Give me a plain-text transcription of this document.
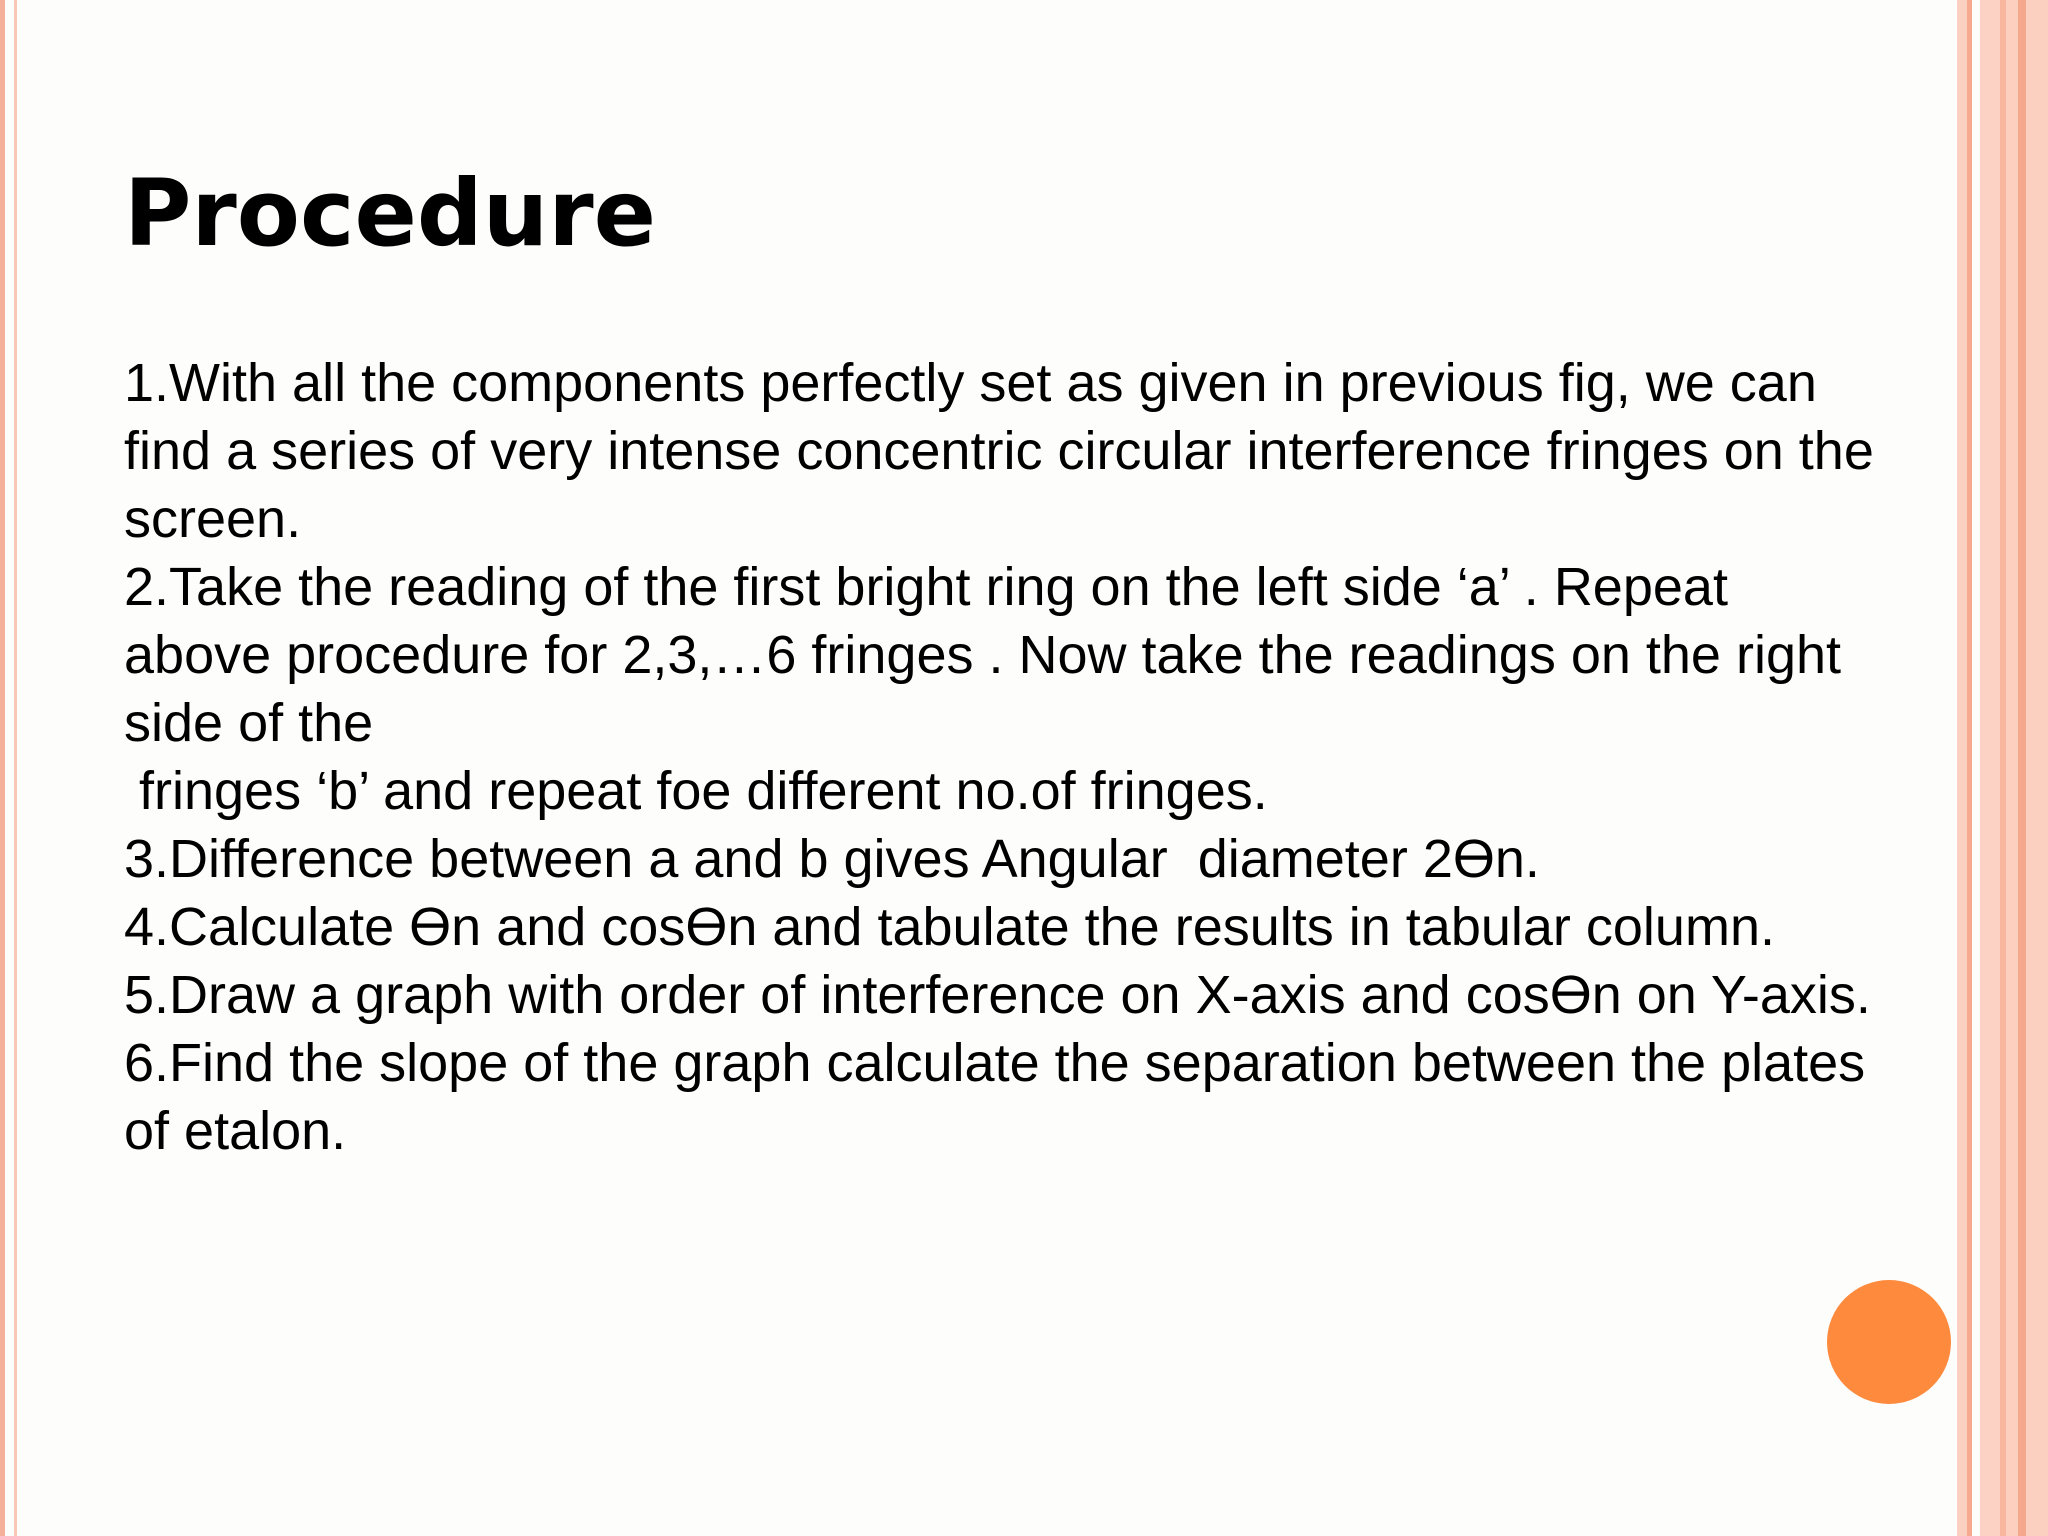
Procedure
1.With all the components perfectly set as given in previous fig, we can
find a series of very intense concentric circular interference fringes on the
screen.
2.Take the reading of the first bright ring on the left side ‘a’ . Repeat
above procedure for 2,3,…6 fringes . Now take the readings on the right
side of the
fringes ‘b’ and repeat foe different no.of fringes.
3.Difference between a and b gives Angular  diameter 2Ɵn.
4.Calculate Ɵn and cosƟn and tabulate the results in tabular column.
5.Draw a graph with order of interference on X-axis and cosƟn on Y-axis.
6.Find the slope of the graph calculate the separation between the plates
of etalon.
